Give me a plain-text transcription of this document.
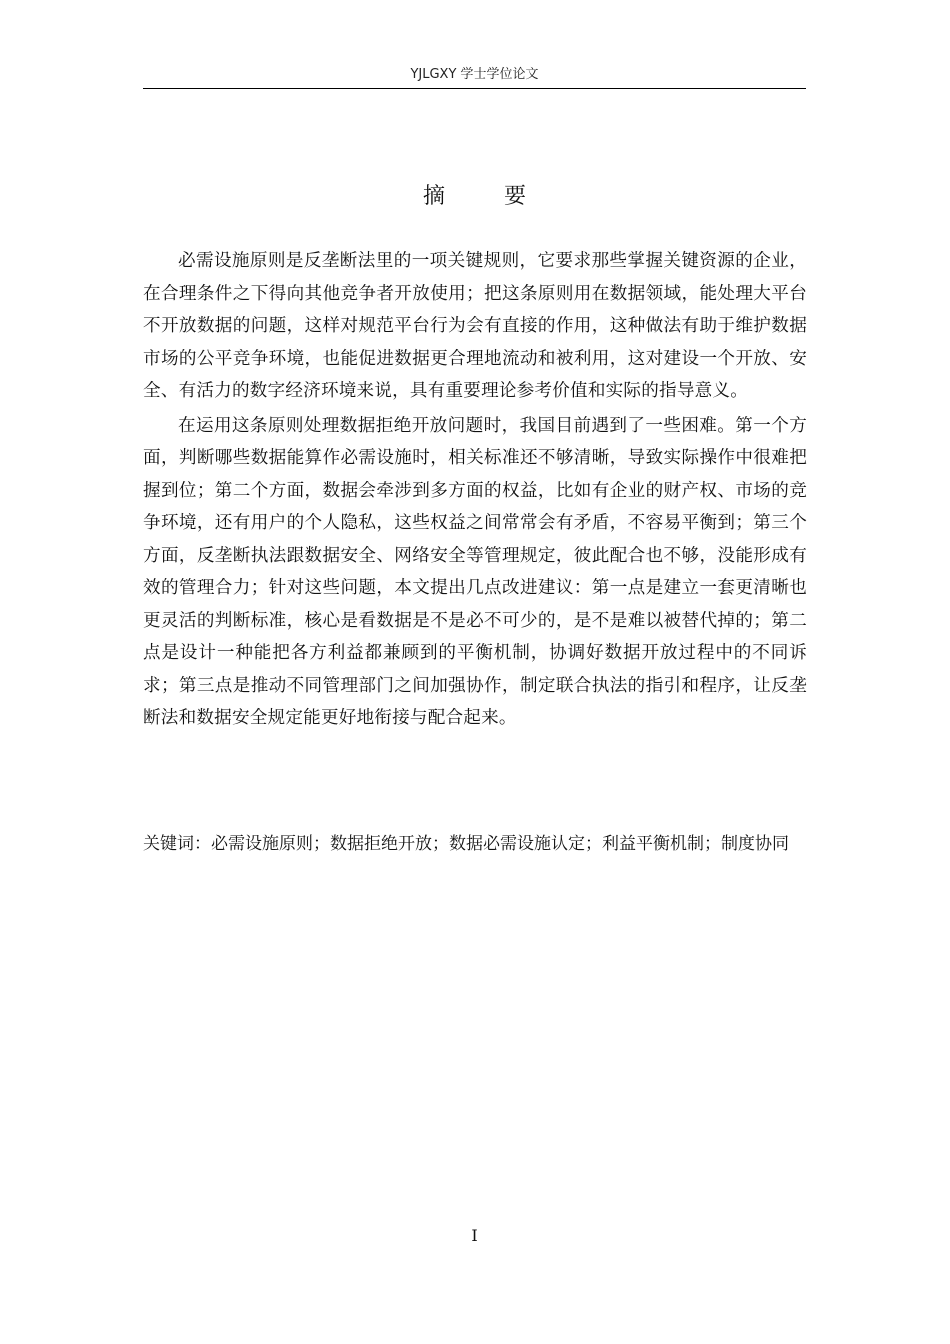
YJLGXY 学士学位论文
摘 要

必需设施原则是反垄断法里的一项关键规则，它要求那些掌握关键资源的企业，在合理条件之下得向其他竞争者开放使用；把这条原则用在数据领域，能处理大平台不开放数据的问题，这样对规范平台行为会有直接的作用，这种做法有助于维护数据市场的公平竞争环境，也能促进数据更合理地流动和被利用，这对建设一个开放、安全、有活力的数字经济环境来说，具有重要理论参考价值和实际的指导意义。

在运用这条原则处理数据拒绝开放问题时，我国目前遇到了一些困难。第一个方面，判断哪些数据能算作必需设施时，相关标准还不够清晰，导致实际操作中很难把握到位；第二个方面，数据会牵涉到多方面的权益，比如有企业的财产权、市场的竞争环境，还有用户的个人隐私，这些权益之间常常会有矛盾，不容易平衡到；第三个方面，反垄断执法跟数据安全、网络安全等管理规定，彼此配合也不够，没能形成有效的管理合力；针对这些问题，本文提出几点改进建议：第一点是建立一套更清晰也更灵活的判断标准，核心是看数据是不是必不可少的，是不是难以被替代掉的；第二点是设计一种能把各方利益都兼顾到的平衡机制，协调好数据开放过程中的不同诉求；第三点是推动不同管理部门之间加强协作，制定联合执法的指引和程序，让反垄断法和数据安全规定能更好地衔接与配合起来。

关键词：必需设施原则；数据拒绝开放；数据必需设施认定；利益平衡机制；制度协同
I
